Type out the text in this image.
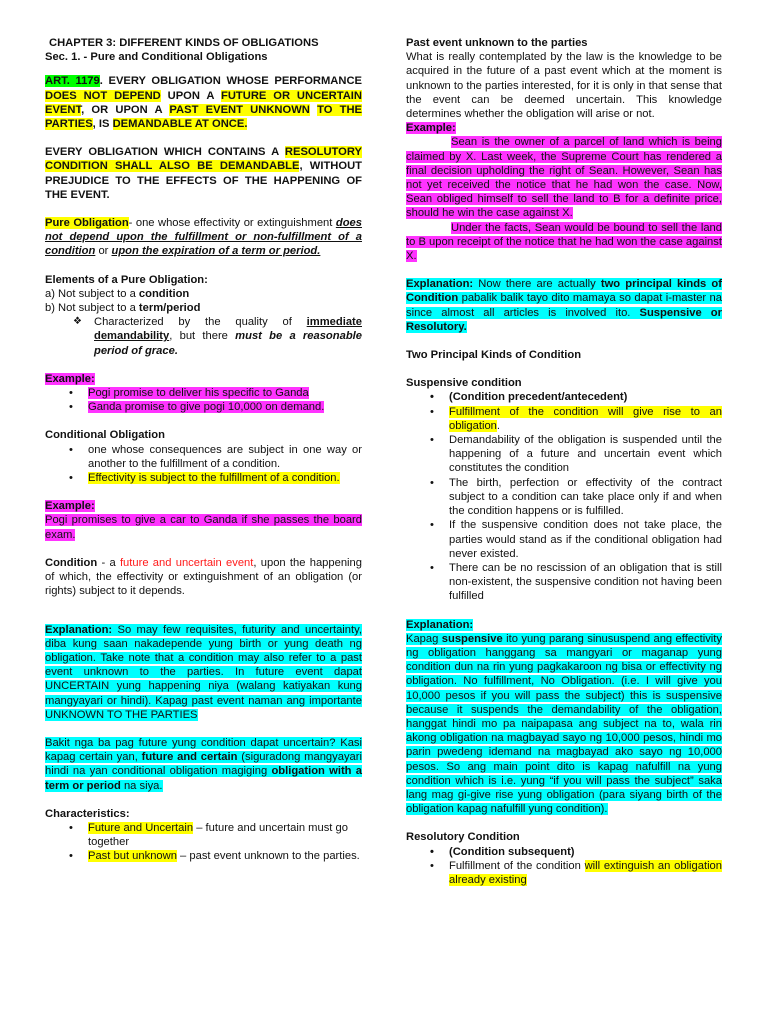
CHAPTER 3: DIFFERENT KINDS OF OBLIGATIONS

Sec. 1. - Pure and Conditional Obligations

ART. 1179. EVERY OBLIGATION WHOSE PERFORMANCE DOES NOT DEPEND UPON A FUTURE OR UNCERTAIN EVENT, OR UPON A PAST EVENT UNKNOWN TO THE PARTIES, IS DEMANDABLE AT ONCE.

EVERY OBLIGATION WHICH CONTAINS A RESOLUTORY CONDITION SHALL ALSO BE DEMANDABLE, WITHOUT PREJUDICE TO THE EFFECTS OF THE HAPPENING OF THE EVENT.

Pure Obligation- one whose effectivity or extinguishment does not depend upon the fulfillment or non-fulfillment of a condition or upon the expiration of a term or period.

Elements of a Pure Obligation:

a) Not subject to a condition

b) Not subject to a term/period

❖ Characterized by the quality of immediate demandability, but there must be a reasonable period of grace.

Example:

• Pogi promise to deliver his specific to Ganda
• Ganda promise to give pogi 10,000 on demand.

Conditional Obligation

• one whose consequences are subject in one way or another to the fulfillment of a condition.
• Effectivity is subject to the fulfillment of a condition.

Example:

Pogi promises to give a car to Ganda if she passes the board exam.

Condition - a future and uncertain event, upon the happening of which, the effectivity or extinguishment of an obligation (or rights) subject to it depends.

Explanation: So may few requisites, futurity and uncertainty, diba kung saan nakadepende yung birth or yung death ng obligation. Take note that a condition may also refer to a past event unknown to the parties. In future event dapat UNCERTAIN yung happening niya (walang katiyakan kung mangyayari or hindi). Kapag past event naman ang importante UNKNOWN TO THE PARTIES

Bakit nga ba pag future yung condition dapat uncertain? Kasi kapag certain yan, future and certain (siguradong mangyayari hindi na yan conditional obligation magiging obligation with a term or period na siya.

Characteristics:

• Future and Uncertain – future and uncertain must go together
• Past but unknown – past event unknown to the parties.

Past event unknown to the parties

What is really contemplated by the law is the knowledge to be acquired in the future of a past event which at the moment is unknown to the parties interested, for it is only in that sense that the event can be deemed uncertain. This knowledge determines whether the obligation will arise or not.

Example:

Sean is the owner of a parcel of land which is being claimed by X. Last week, the Supreme Court has rendered a final decision upholding the right of Sean. However, Sean has not yet received the notice that he had won the case. Now, Sean obliged himself to sell the land to B for a definite price, should he win the case against X.

Under the facts, Sean would be bound to sell the land to B upon receipt of the notice that he had won the case against X.

Explanation: Now there are actually two principal kinds of Condition pabalik balik tayo dito mamaya so dapat i-master na since almost all articles is involved ito. Suspensive or Resolutory.

Two Principal Kinds of Condition

Suspensive condition

• (Condition precedent/antecedent)
• Fulfillment of the condition will give rise to an obligation.
• Demandability of the obligation is suspended until the happening of a future and uncertain event which constitutes the condition
• The birth, perfection or effectivity of the contract subject to a condition can take place only if and when the condition happens or is fulfilled.
• If the suspensive condition does not take place, the parties would stand as if the conditional obligation had never existed.
• There can be no rescission of an obligation that is still non-existent, the suspensive condition not having been fulfilled

Explanation:

Kapag suspensive ito yung parang sinususpend ang effectivity ng obligation hanggang sa mangyari or maganap yung condition dun na rin yung pagkakaroon ng bisa or effectivity ng obligation. No fulfillment, No Obligation. (i.e. I will give you 10,000 pesos if you will pass the subject) this is suspensive because it suspends the demandability of the obligation, hanggat hindi mo pa naipapasa ang subject na to, wala rin akong obligation na magbayad sayo ng 10,000 pesos, hindi mo parin pwedeng idemand na magbayad ako sayo ng 10,000 pesos. So ang main point dito is kapag nafulfill na yung condition which is i.e. yung “if you will pass the subject” saka lang mag gi-give rise yung obligation (para siyang birth of the obligation kapag nafulfill yung condition).

Resolutory Condition

• (Condition subsequent)
• Fulfillment of the condition will extinguish an obligation already existing
